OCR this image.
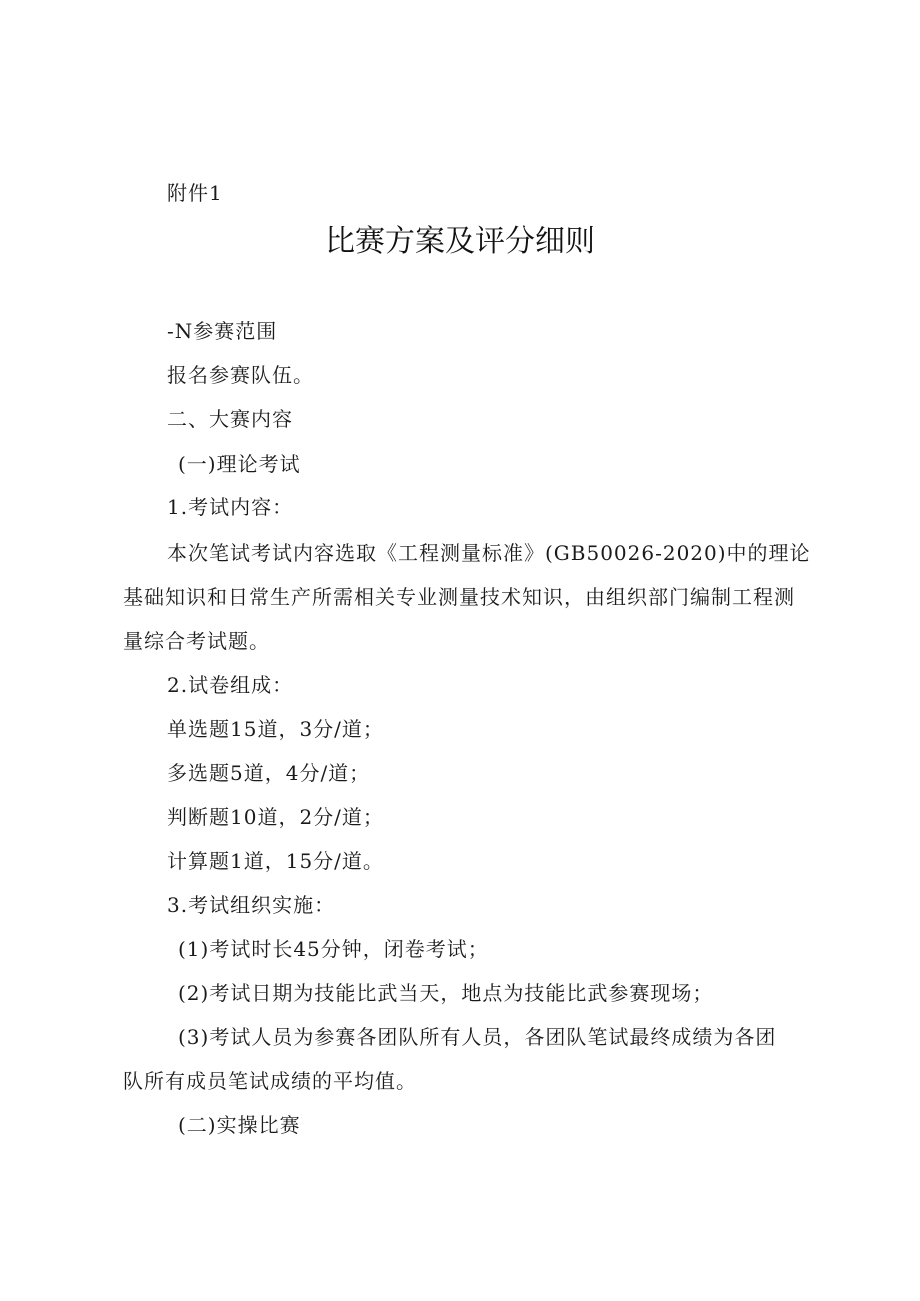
附件1
比赛方案及评分细则
-N参赛范围
报名参赛队伍。
二、大赛内容
(一)理论考试
1.考试内容：
本次笔试考试内容选取《工程测量标准》(GB50026-2020)中的理论
基础知识和日常生产所需相关专业测量技术知识，由组织部门编制工程测
量综合考试题。
2.试卷组成：
单选题15道，3分/道；
多选题5道，4分/道；
判断题10道，2分/道；
计算题1道，15分/道。
3.考试组织实施：
(1)考试时长45分钟，闭卷考试；
(2)考试日期为技能比武当天，地点为技能比武参赛现场；
(3)考试人员为参赛各团队所有人员，各团队笔试最终成绩为各团
队所有成员笔试成绩的平均值。
(二)实操比赛
